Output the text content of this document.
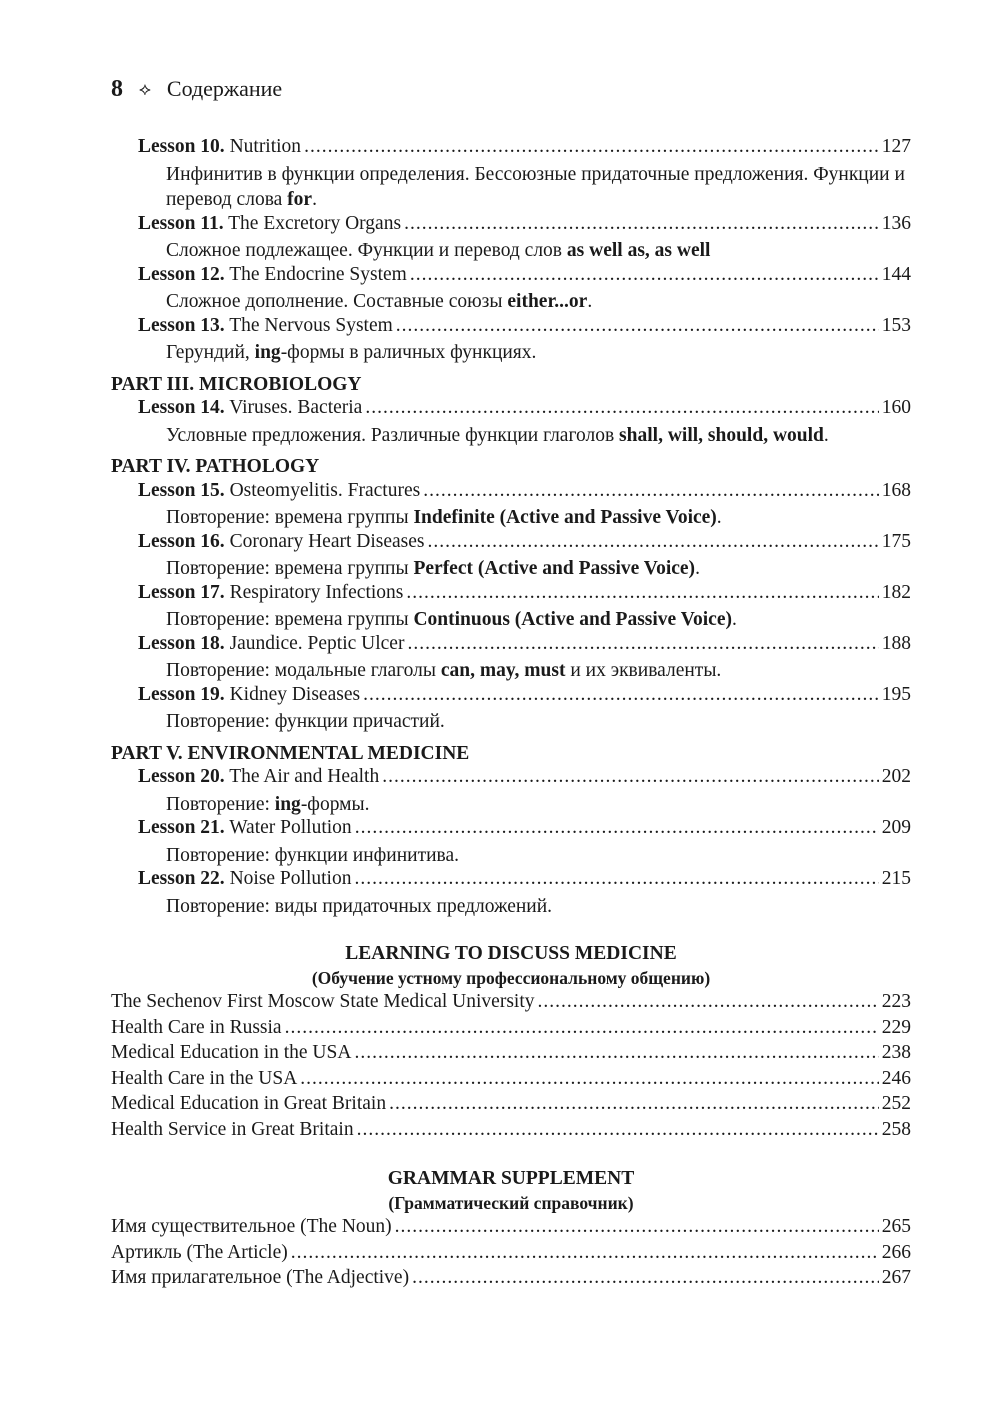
8 ⟡ Содержание
Lesson 10. Nutrition .....	127
Инфинитив в функции определения. Бессоюзные придаточные предложения. Функции и перевод слова for.
Lesson 11. The Excretory Organs .....	136
Сложное подлежащее. Функции и перевод слов as well as, as well
Lesson 12. The Endocrine System .....	144
Сложное дополнение. Составные союзы either...or.
Lesson 13. The Nervous System .....	153
Герундий, ing-формы в раличных функциях.
PART III. MICROBIOLOGY
Lesson 14. Viruses. Bacteria .....	160
Условные предложения. Различные функции глаголов shall, will, should, would.
PART IV. PATHOLOGY
Lesson 15. Osteomyelitis. Fractures .....	168
Повторение: времена группы Indefinite (Active and Passive Voice).
Lesson 16. Coronary Heart Diseases .....	175
Повторение: времена группы Perfect (Active and Passive Voice).
Lesson 17. Respiratory Infections .....	182
Повторение: времена группы Continuous (Active and Passive Voice).
Lesson 18. Jaundice. Peptic Ulcer .....	188
Повторение: модальные глаголы can, may, must и их эквиваленты.
Lesson 19. Kidney Diseases .....	195
Повторение: функции причастий.
PART V. ENVIRONMENTAL MEDICINE
Lesson 20. The Air and Health .....	202
Повторение: ing-формы.
Lesson 21. Water Pollution .....	209
Повторение: функции инфинитива.
Lesson 22. Noise Pollution .....	215
Повторение: виды придаточных предложений.
LEARNING TO DISCUSS MEDICINE
(Обучение устному профессиональному общению)
The Sechenov First Moscow State Medical University .....	223
Health Care in Russia .....	229
Medical Education in the USA .....	238
Health Care in the USA .....	246
Medical Education in Great Britain .....	252
Health Service in Great Britain .....	258
GRAMMAR SUPPLEMENT
(Грамматический справочник)
Имя существительное (The Noun) .....	265
Артикль (The Article) .....	266
Имя прилагательное (The Adjective) .....	267
